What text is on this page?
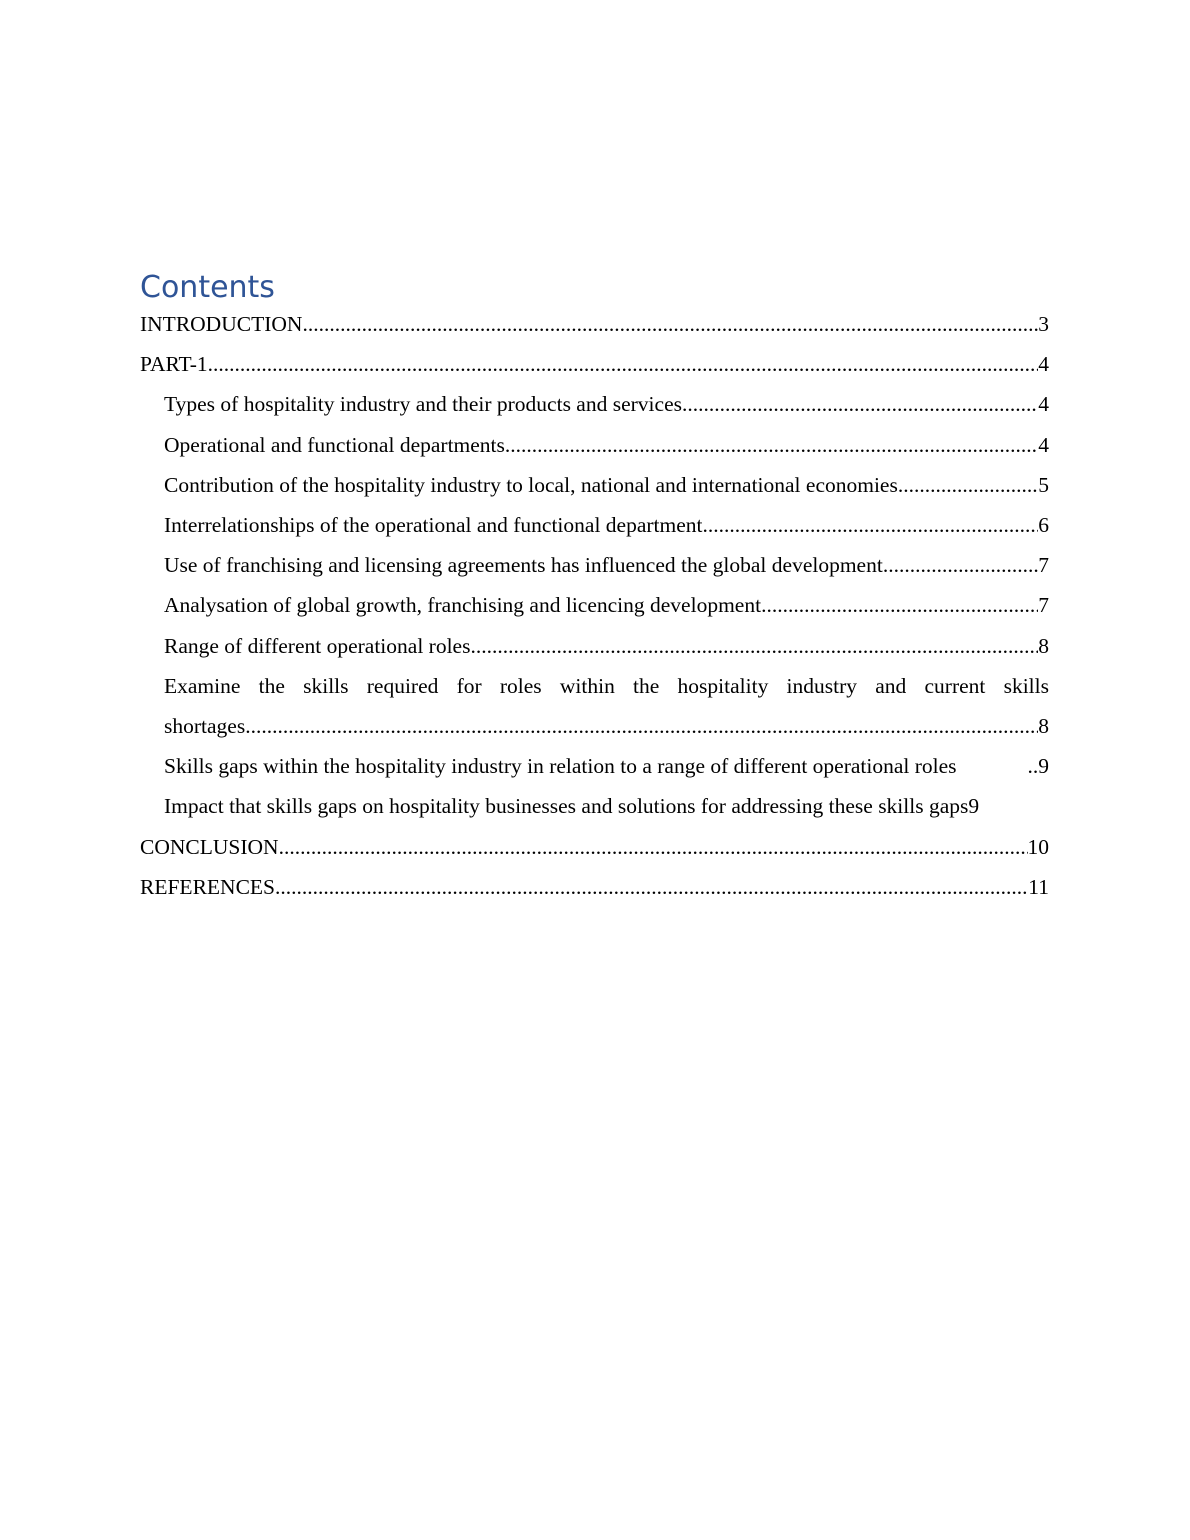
Contents
INTRODUCTION .....	3
PART-1 .....	4
Types of hospitality industry and their products and services .....	4
Operational and functional departments .....	4
Contribution of the hospitality industry to local, national and international economies .....	5
Interrelationships of the operational and functional department .....	6
Use of franchising and licensing agreements has influenced the global development .....	7
Analysation of global growth, franchising and licencing development .....	7
Range of different operational roles .....	8
Examine the skills required for roles within the hospitality industry and current skills
shortages .....	8
Skills gaps within the hospitality industry in relation to a range of different operational roles ..	9
Impact that skills gaps on hospitality businesses and solutions for addressing these skills gaps 9
CONCLUSION .....	10
REFERENCES .....	11
